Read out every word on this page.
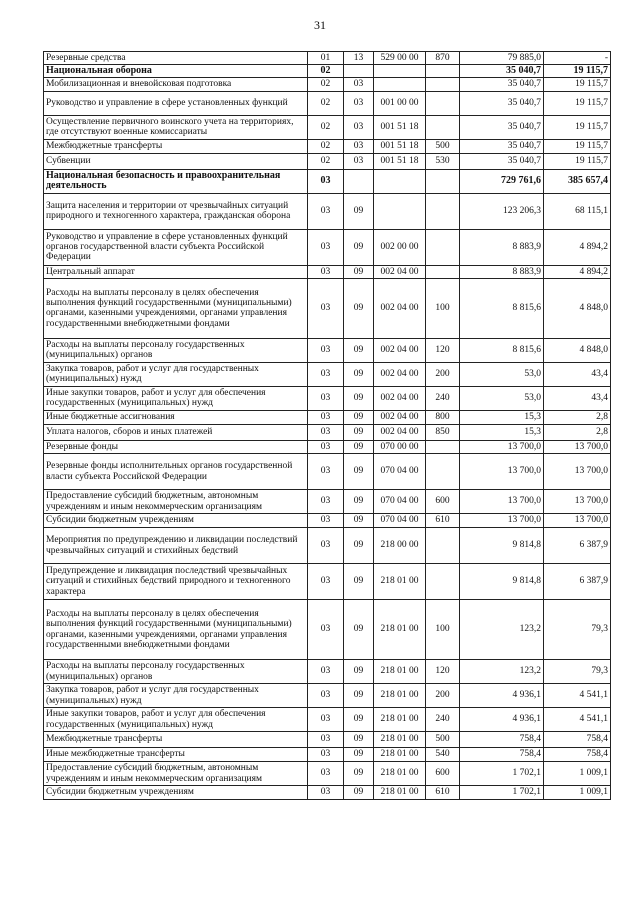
31
Резервные средства	01	13	529 00 00	870	79 885,0	-
Национальная оборона	02				35 040,7	19 115,7
Мобилизационная и вневойсковая подготовка	02	03			35 040,7	19 115,7
Руководство и управление в сфере установленных функций	02	03	001 00 00		35 040,7	19 115,7
Осуществление первичного воинского учета на территориях, где отсутствуют военные комиссариаты	02	03	001 51 18		35 040,7	19 115,7
Межбюджетные трансферты	02	03	001 51 18	500	35 040,7	19 115,7
Субвенции	02	03	001 51 18	530	35 040,7	19 115,7
Национальная безопасность и правоохранительная деятельность	03				729 761,6	385 657,4
Защита населения и территории от чрезвычайных ситуаций природного и техногенного характера, гражданская оборона	03	09			123 206,3	68 115,1
Руководство и управление в сфере установленных функций органов государственной власти субъекта Российской Федерации	03	09	002 00 00		8 883,9	4 894,2
Центральный аппарат	03	09	002 04 00		8 883,9	4 894,2
Расходы на выплаты персоналу в целях обеспечения выполнения функций государственными (муниципальными) органами, казенными учреждениями, органами управления государственными внебюджетными фондами	03	09	002 04 00	100	8 815,6	4 848,0
Расходы на выплаты персоналу государственных (муниципальных) органов	03	09	002 04 00	120	8 815,6	4 848,0
Закупка товаров, работ и услуг для государственных (муниципальных) нужд	03	09	002 04 00	200	53,0	43,4
Иные закупки товаров, работ и услуг для обеспечения государственных (муниципальных) нужд	03	09	002 04 00	240	53,0	43,4
Иные бюджетные ассигнования	03	09	002 04 00	800	15,3	2,8
Уплата налогов, сборов и иных платежей	03	09	002 04 00	850	15,3	2,8
Резервные фонды	03	09	070 00 00		13 700,0	13 700,0
Резервные фонды исполнительных органов государственной власти субъекта Российской Федерации	03	09	070 04 00		13 700,0	13 700,0
Предоставление субсидий бюджетным, автономным учреждениям и иным некоммерческим организациям	03	09	070 04 00	600	13 700,0	13 700,0
Субсидии бюджетным учреждениям	03	09	070 04 00	610	13 700,0	13 700,0
Мероприятия по предупреждению и ликвидации последствий чрезвычайных ситуаций и стихийных бедствий	03	09	218 00 00		9 814,8	6 387,9
Предупреждение и ликвидация последствий чрезвычайных ситуаций и стихийных бедствий природного и техногенного характера	03	09	218 01 00		9 814,8	6 387,9
Расходы на выплаты персоналу в целях обеспечения выполнения функций государственными (муниципальными) органами, казенными учреждениями, органами управления государственными внебюджетными фондами	03	09	218 01 00	100	123,2	79,3
Расходы на выплаты персоналу государственных (муниципальных) органов	03	09	218 01 00	120	123,2	79,3
Закупка товаров, работ и услуг для государственных (муниципальных) нужд	03	09	218 01 00	200	4 936,1	4 541,1
Иные закупки товаров, работ и услуг для обеспечения государственных (муниципальных) нужд	03	09	218 01 00	240	4 936,1	4 541,1
Межбюджетные трансферты	03	09	218 01 00	500	758,4	758,4
Иные межбюджетные трансферты	03	09	218 01 00	540	758,4	758,4
Предоставление субсидий бюджетным, автономным учреждениям и иным некоммерческим организациям	03	09	218 01 00	600	1 702,1	1 009,1
Субсидии бюджетным учреждениям	03	09	218 01 00	610	1 702,1	1 009,1
